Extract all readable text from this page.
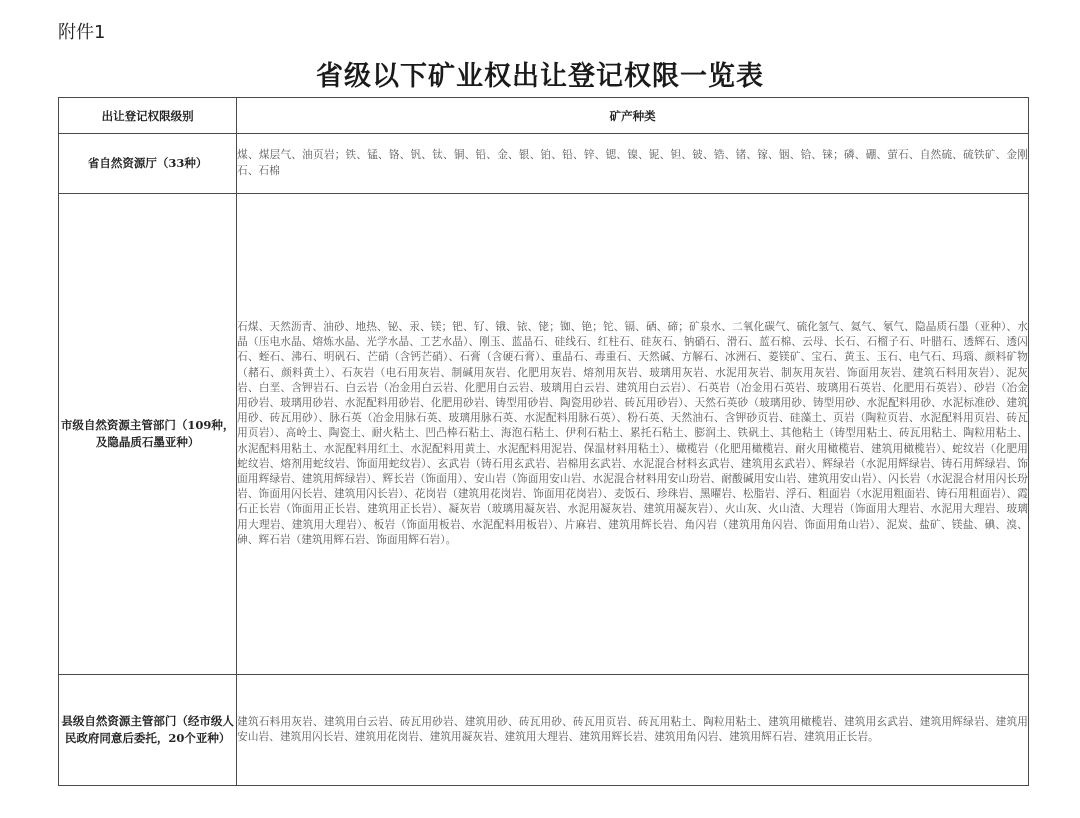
附件1
省级以下矿业权出让登记权限一览表
出让登记权限级别	矿产种类
省自然资源厅（33种）	煤、煤层气、油页岩；铁、锰、铬、钒、钛、铜、铅、金、银、铂、铅、锌、锶、镍、铌、钽、铍、锆、锗、镓、铟、铪、铼；磷、硼、萤石、自然硫、硫铁矿、金刚石、石棉
市级自然资源主管部门（109种，及隐晶质石墨亚种）	石煤、天然沥青、油砂、地热、铋、汞、镁；钯、钌、锇、铱、铑；铷、铯；铊、镉、硒、碲；矿泉水、二氧化碳气、硫化氢气、氦气、氡气、隐晶质石墨（亚种）、水晶（压电水晶、熔炼水晶、光学水晶、工艺水晶）、刚玉、蓝晶石、硅线石、红柱石、硅灰石、钠硝石、滑石、蓝石棉、云母、长石、石榴子石、叶腊石、透辉石、透闪石、蛭石、沸石、明矾石、芒硝（含钙芒硝）、石膏（含硬石膏）、重晶石、毒重石、天然碱、方解石、冰洲石、菱镁矿、宝石、黄玉、玉石、电气石、玛瑙、颜料矿物（赭石、颜料黄土）、石灰岩（电石用灰岩、制碱用灰岩、化肥用灰岩、熔剂用灰岩、玻璃用灰岩、水泥用灰岩、制灰用灰岩、饰面用灰岩、建筑石料用灰岩）、泥灰岩、白垩、含钾岩石、白云岩（冶金用白云岩、化肥用白云岩、玻璃用白云岩、建筑用白云岩）、石英岩（冶金用石英岩、玻璃用石英岩、化肥用石英岩）、砂岩（冶金用砂岩、玻璃用砂岩、水泥配料用砂岩、化肥用砂岩、铸型用砂岩、陶瓷用砂岩、砖瓦用砂岩）、天然石英砂（玻璃用砂、铸型用砂、水泥配料用砂、水泥标准砂、建筑用砂、砖瓦用砂）、脉石英（冶金用脉石英、玻璃用脉石英、水泥配料用脉石英）、粉石英、天然油石、含钾砂页岩、硅藻土、页岩（陶粒页岩、水泥配料用页岩、砖瓦用页岩）、高岭土、陶瓷土、耐火粘土、凹凸棒石粘土、海泡石粘土、伊利石粘土、累托石粘土、膨润土、铁矾土、其他粘土（铸型用粘土、砖瓦用粘土、陶粒用粘土、水泥配料用粘土、水泥配料用红土、水泥配料用黄土、水泥配料用泥岩、保温材料用粘土）、橄榄岩（化肥用橄榄岩、耐火用橄榄岩、建筑用橄榄岩）、蛇纹岩（化肥用蛇纹岩、熔剂用蛇纹岩、饰面用蛇纹岩）、玄武岩（铸石用玄武岩、岩棉用玄武岩、水泥混合材料玄武岩、建筑用玄武岩）、辉绿岩（水泥用辉绿岩、铸石用辉绿岩、饰面用辉绿岩、建筑用辉绿岩）、辉长岩（饰面用）、安山岩（饰面用安山岩、水泥混合材料用安山玢岩、耐酸碱用安山岩、建筑用安山岩）、闪长岩（水泥混合材用闪长玢岩、饰面用闪长岩、建筑用闪长岩）、花岗岩（建筑用花岗岩、饰面用花岗岩）、麦饭石、珍珠岩、黑曜岩、松脂岩、浮石、粗面岩（水泥用粗面岩、铸石用粗面岩）、霞石正长岩（饰面用正长岩、建筑用正长岩）、凝灰岩（玻璃用凝灰岩、水泥用凝灰岩、建筑用凝灰岩）、火山灰、火山渣、大理岩（饰面用大理岩、水泥用大理岩、玻璃用大理岩、建筑用大理岩）、板岩（饰面用板岩、水泥配料用板岩）、片麻岩、建筑用辉长岩、角闪岩（建筑用角闪岩、饰面用角山岩）、泥炭、盐矿、镁盐、碘、溴、砷、辉石岩（建筑用辉石岩、饰面用辉石岩）。
县级自然资源主管部门（经市级人民政府同意后委托，20个亚种）	建筑石料用灰岩、建筑用白云岩、砖瓦用砂岩、建筑用砂、砖瓦用砂、砖瓦用页岩、砖瓦用粘土、陶粒用粘土、建筑用橄榄岩、建筑用玄武岩、建筑用辉绿岩、建筑用安山岩、建筑用闪长岩、建筑用花岗岩、建筑用凝灰岩、建筑用大理岩、建筑用辉长岩、建筑用角闪岩、建筑用辉石岩、建筑用正长岩。
